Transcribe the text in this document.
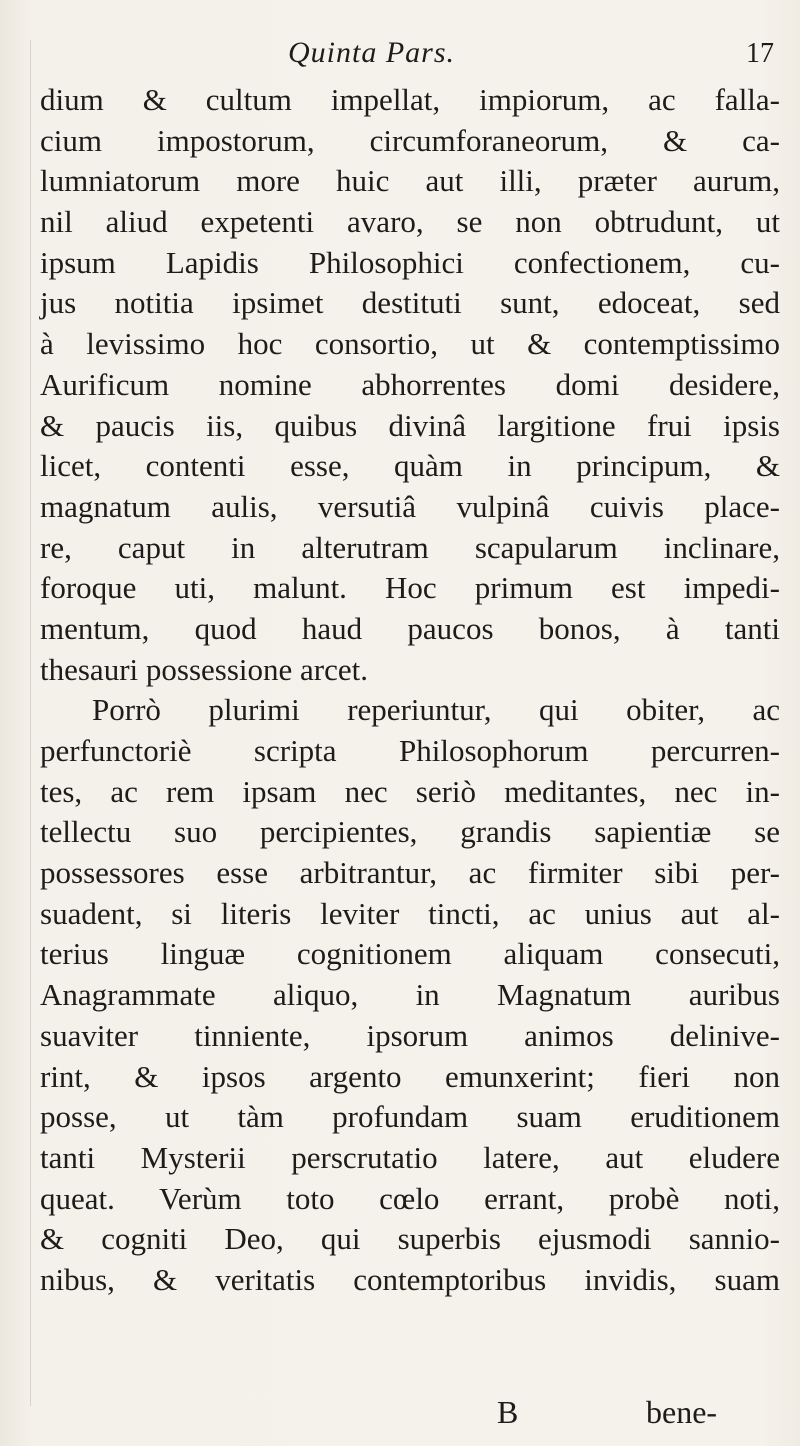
Quinta Pars.	17
dium & cultum impellat, impiorum, ac falla-
cium impostorum, circumforaneorum, & ca-
lumniatorum more huic aut illi, præter aurum,
nil aliud expetenti avaro, se non obtrudunt, ut
ipsum Lapidis Philosophici confectionem, cu-
jus notitia ipsimet destituti sunt, edoceat, sed
à levissimo hoc consortio, ut & contemptissimo
Aurificum nomine abhorrentes domi desidere,
& paucis iis, quibus divinâ largitione frui ipsis
licet, contenti esse, quàm in principum, &
magnatum aulis, versutiâ vulpinâ cuivis place-
re, caput in alterutram scapularum inclinare,
foroque uti, malunt. Hoc primum est impedi-
mentum, quod haud paucos bonos, à tanti
thesauri possessione arcet.
Porrò plurimi reperiuntur, qui obiter, ac
perfunctoriè scripta Philosophorum percurren-
tes, ac rem ipsam nec seriò meditantes, nec in-
tellectu suo percipientes, grandis sapientiæ se
possessores esse arbitrantur, ac firmiter sibi per-
suadent, si literis leviter tincti, ac unius aut al-
terius linguæ cognitionem aliquam consecuti,
Anagrammate aliquo, in Magnatum auribus
suaviter tinniente, ipsorum animos delinive-
rint, & ipsos argento emunxerint; fieri non
posse, ut tàm profundam suam eruditionem
tanti Mysterii perscrutatio latere, aut eludere
queat. Verùm toto cœlo errant, probè noti,
& cogniti Deo, qui superbis ejusmodi sannio-
nibus, & veritatis contemptoribus invidis, suam
B	bene-
